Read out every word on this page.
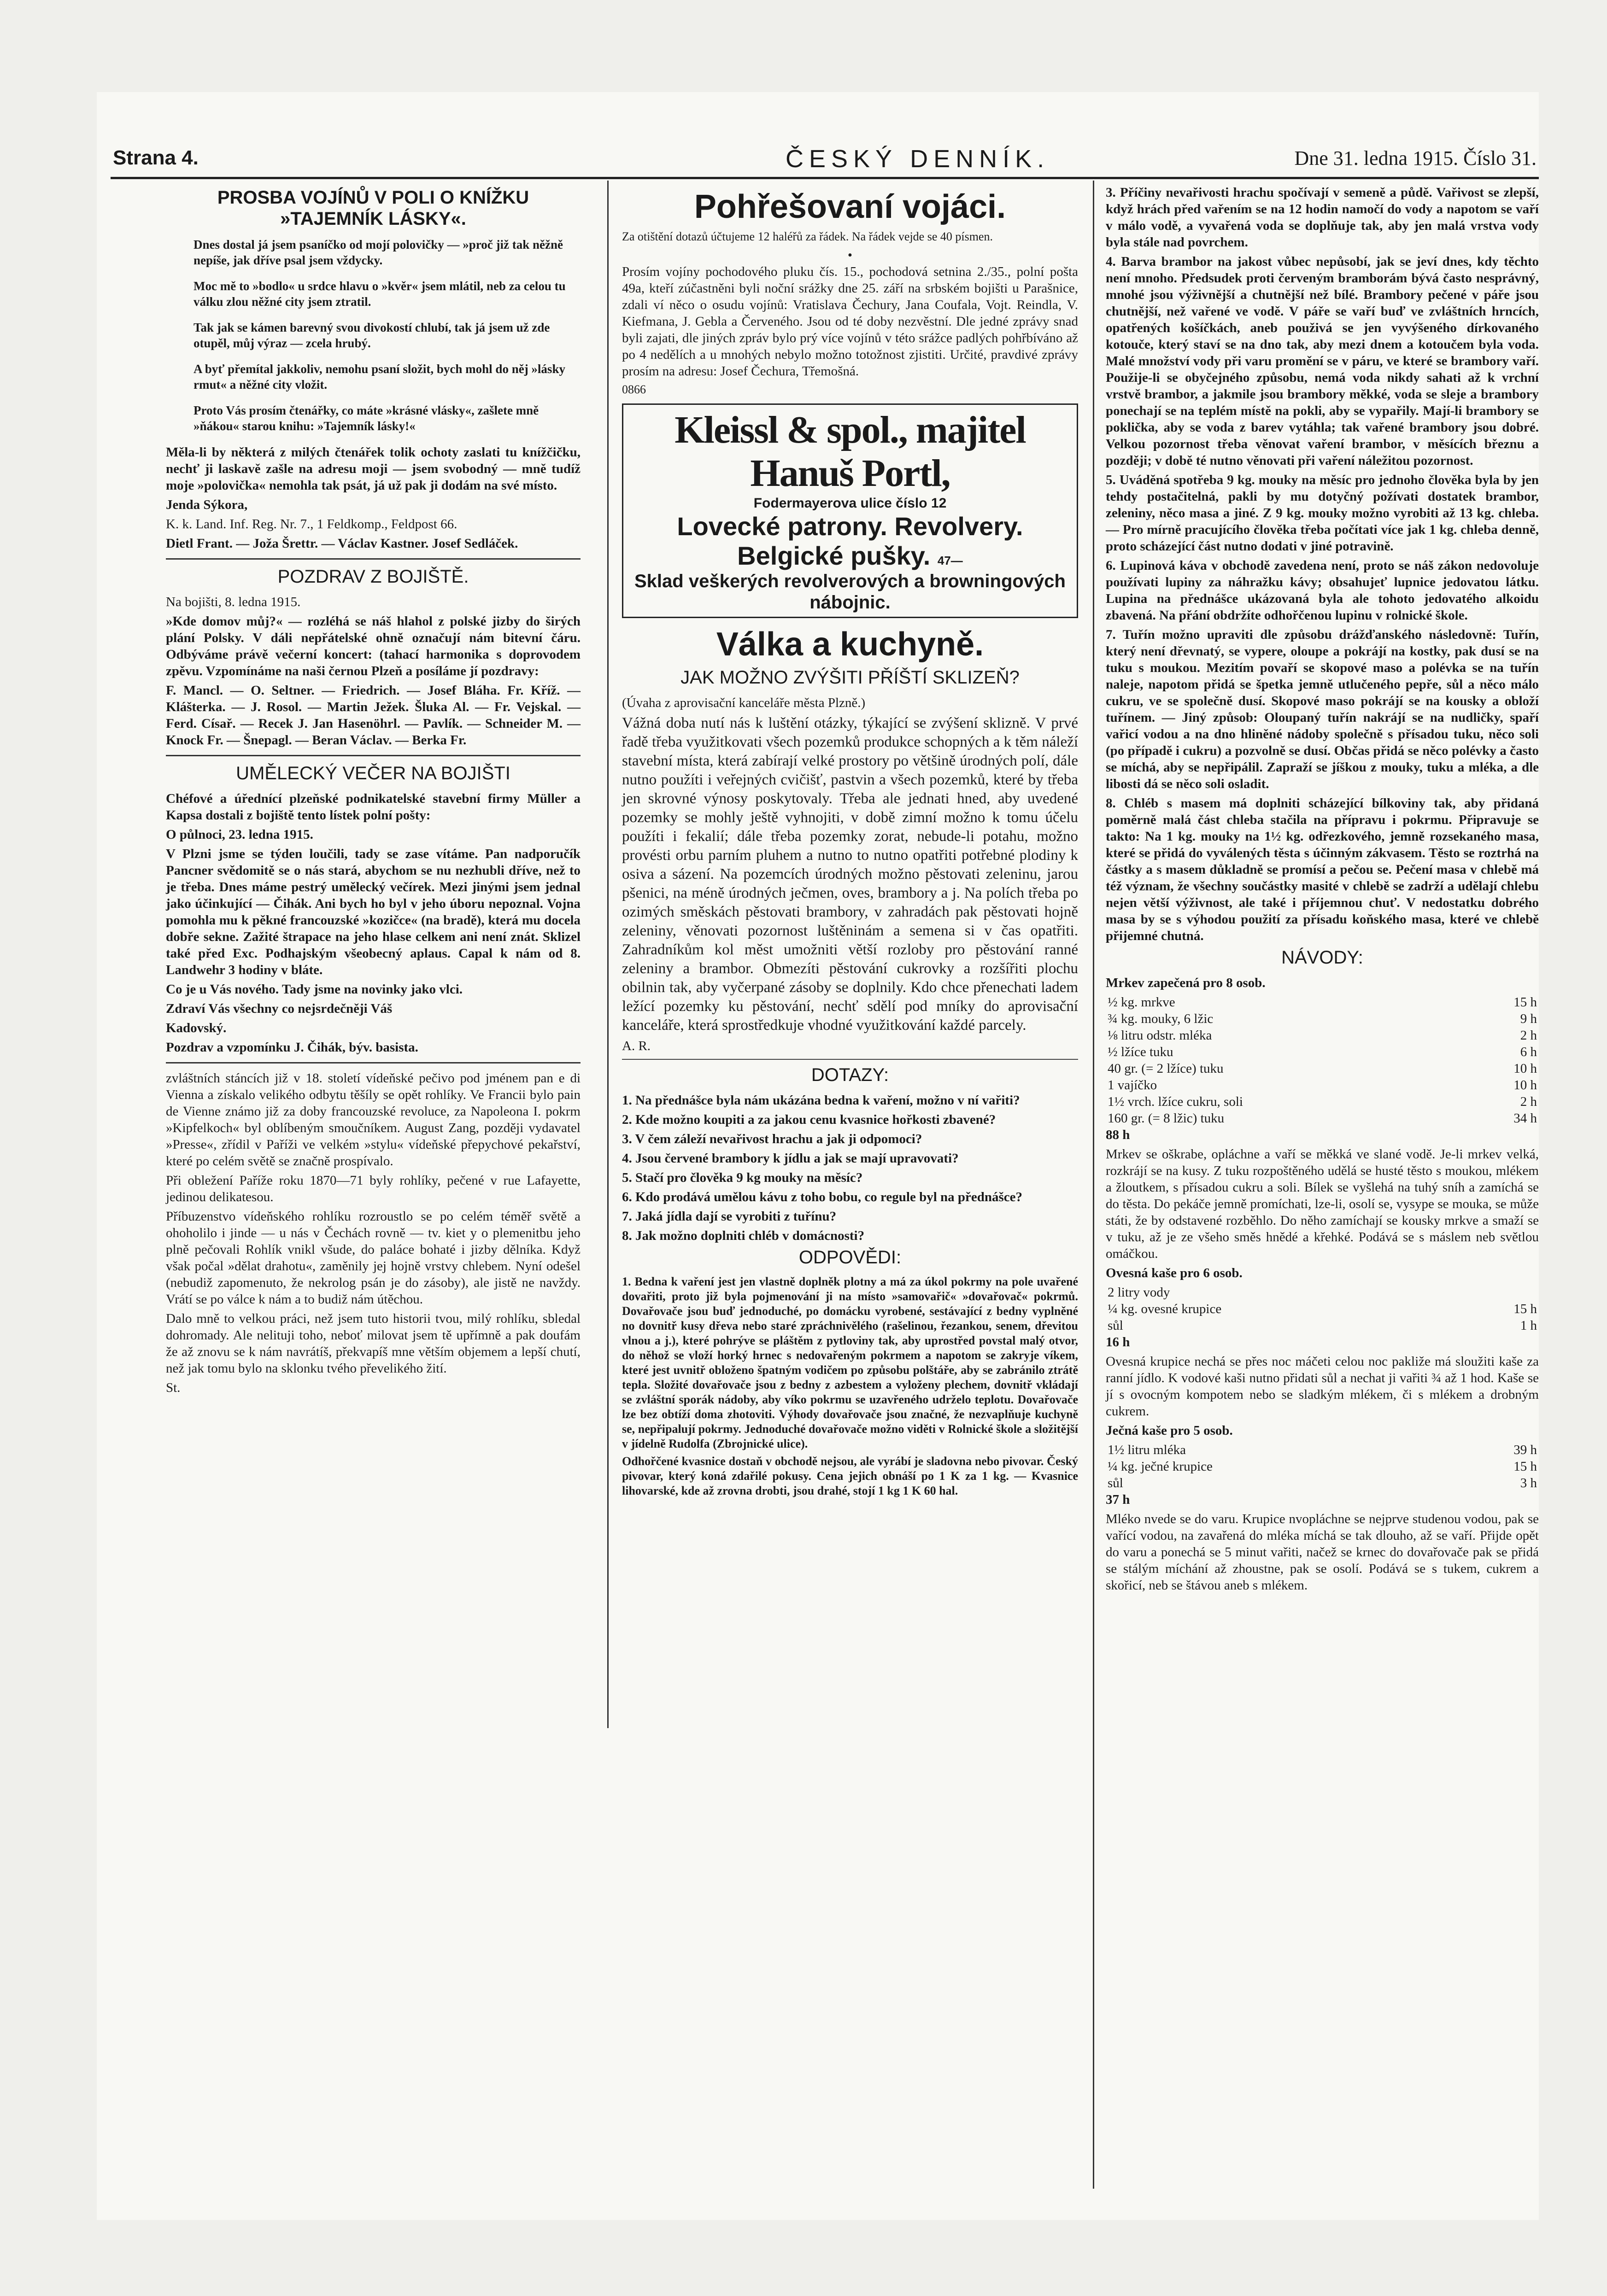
Strana 4.	ČESKÝ DENNÍK.	Dne 31. ledna 1915. Číslo 31.
PROSBA VOJÍNŮ V POLI O KNÍŽKU »TAJEMNÍK LÁSKY«.
Dnes dostal já jsem psaníčko od mojí polovičky — »proč již tak něžně nepíše, jak dříve psal jsem vždycky.
Moc mě to »bodlo« u srdce hlavu o »kvěr« jsem mlátil, neb za celou tu válku zlou něžné city jsem ztratil.
Tak jak se kámen barevný svou divokostí chlubí, tak já jsem už zde otupěl, můj výraz — zcela hrubý.
A byť přemítal jakkoliv, nemohu psaní složit, bych mohl do něj »lásky rmut« a něžné city vložit.
Proto Vás prosím čtenářky, co máte »krásné vlásky«, zašlete mně »ňákou« starou knihu: »Tajemník lásky!«

Měla-li by některá z milých čtenářek tolik ochoty zaslati tu knížčičku, nechť ji laskavě zašle na adresu moji — jsem svobodný — mně tudíž moje »polovička« nemohla tak psát, já už pak ji dodám na své místo.

Jenda Sýkora,

K. k. Land. Inf. Reg. Nr. 7., 1 Feldkomp., Feldpost 66.

Dietl Frant. — Joža Šrettr. — Václav Kastner. Josef Sedláček.

POZDRAV Z BOJIŠTĚ.

Na bojišti, 8. ledna 1915.

»Kde domov můj?« — rozléhá se náš hlahol z polské jizby do širých plání Polsky. V dáli nepřátelské ohně označují nám bitevní čáru. Odbýváme právě večerní koncert: (tahací harmonika s doprovodem zpěvu. Vzpomínáme na naši černou Plzeň a posíláme jí pozdravy:

F. Mancl. — O. Seltner. — Friedrich. — Josef Bláha. Fr. Kříž. — Klášterka. — J. Rosol. — Martin Ježek. Šluka Al. — Fr. Vejskal. — Ferd. Císař. — Recek J. Jan Hasenöhrl. — Pavlík. — Schneider M. — Knock Fr. — Šnepagl. — Beran Václav. — Berka Fr.

UMĚLECKÝ VEČER NA BOJIŠTI

Chéfové a úřednící plzeňské podnikatelské stavební firmy Müller a Kapsa dostali z bojiště tento lístek polní pošty:

O půlnoci, 23. ledna 1915.

V Plzni jsme se týden loučili, tady se zase vítáme. Pan nadporučík Pancner svědomitě se o nás stará, abychom se nu nezhubli dříve, než to je třeba. Dnes máme pestrý umělecký večírek. Mezi jinými jsem jednal jako účinkující — Čihák. Ani bych ho byl v jeho úboru nepoznal. Vojna pomohla mu k pěkné francouzské »kozičce« (na bradě), která mu docela dobře sekne. Zažité štrapace na jeho hlase celkem ani není znát. Sklizel také před Exc. Podhajským všeobecný aplaus. Capal k nám od 8. Landwehr 3 hodiny v bláte.

Co je u Vás nového. Tady jsme na novinky jako vlci.

Zdraví Vás všechny co nejsrdečněji Váš

Kadovský.

Pozdrav a vzpomínku J. Čihák, býv. basista.

zvláštních stáncích již v 18. století vídeňské pečivo pod jménem pan e di Vienna a získalo velikého odbytu těšíly se opět rohlíky. Ve Francii bylo pain de Vienne známo již za doby francouzské revoluce, za Napoleona I. pokrm »Kipfelkoch« byl oblíbeným smoučníkem. August Zang, později vydavatel »Presse«, zřídil v Paříži ve velkém »stylu« vídeňské přepychové pekařství, které po celém světě se značně prospívalo.

Při obležení Paříže roku 1870—71 byly rohlíky, pečené v rue Lafayette, jedinou delikatesou.

Příbuzenstvo vídeňského rohlíku rozroustlo se po celém téměř světě a ohoholilo i jinde — u nás v Čechách rovně — tv. kiet y o plemenitbu jeho plně pečovali Rohlík vnikl všude, do paláce bohaté i jizby dělníka. Když však počal »dělat drahotu«, zaměnily jej hojně vrstvy chlebem. Nyní odešel (nebudiž zapomenuto, že nekrolog psán je do zásoby), ale jistě ne navždy. Vrátí se po válce k nám a to budiž nám útěchou.

Dalo mně to velkou práci, než jsem tuto historii tvou, milý rohlíku, sbledal dohromady. Ale nelituji toho, neboť milovat jsem tě upřímně a pak doufám že až znovu se k nám navrátíš, překvapíš mne větším objemem a lepší chutí, než jak tomu bylo na sklonku tvého převelikého žití.

St.

Pohřešovaní vojáci.

Za otištění dotazů účtujeme 12 haléřů za řádek. Na řádek vejde se 40 písmen.

•

Prosím vojíny pochodového pluku čís. 15., pochodová setnina 2./35., polní pošta 49a, kteří zúčastněni byli noční srážky dne 25. září na srbském bojišti u Parašnice, zdali ví něco o osudu vojínů: Vratislava Čechury, Jana Coufala, Vojt. Reindla, V. Kiefmana, J. Gebla a Červeného. Jsou od té doby nezvěstní. Dle jedné zprávy snad byli zajati, dle jiných zpráv bylo prý více vojínů v této srážce padlých pohřbíváno až po 4 nedělích a u mnohých nebylo možno totožnost zjistiti. Určité, pravdivé zprávy prosím na adresu: Josef Čechura, Třemošná.

0866

Kleissl & spol., majitel Hanuš Portl,
Fodermayerova ulice číslo 12
Lovecké patrony. Revolvery.
Belgické pušky. 47—
Sklad veškerých revolverových a browningových nábojnic.
Válka a kuchyně.
JAK MOŽNO ZVÝŠITI PŘÍŠTÍ SKLIZEŇ?

(Úvaha z aprovisační kanceláře města Plzně.)

Vážná doba nutí nás k luštění otázky, týkající se zvýšení sklizně. V prvé řadě třeba využitkovati všech pozemků produkce schopných a k těm náleží stavební místa, která zabírají velké prostory po většině úrodných polí, dále nutno použíti i veřejných cvičišť, pastvin a všech pozemků, které by třeba jen skrovné výnosy poskytovaly. Třeba ale jednati hned, aby uvedené pozemky se mohly ještě vyhnojiti, v době zimní možno k tomu účelu použíti i fekalií; dále třeba pozemky zorat, nebude-li potahu, možno provésti orbu parním pluhem a nutno to nutno opatřiti potřebné plodiny k osiva a sázení. Na pozemcích úrodných možno pěstovati zeleninu, jarou pšenici, na méně úrodných ječmen, oves, brambory a j. Na polích třeba po ozimých směskách pěstovati brambory, v zahradách pak pěstovati hojně zeleniny, věnovati pozornost luštěninám a semena si v čas opatřiti. Zahradníkům kol měst umožniti větší rozloby pro pěstování ranné zeleniny a brambor. Obmezíti pěstování cukrovky a rozšířiti plochu obilnin tak, aby vyčerpané zásoby se doplnily. Kdo chce přenechati ladem ležící pozemky ku pěstování, nechť sdělí pod mníky do aprovisační kanceláře, která sprostředkuje vhodné využitkování každé parcely.

A. R.

DOTAZY:

1. Na přednášce byla nám ukázána bedna k vaření, možno v ní vařiti?

2. Kde možno koupiti a za jakou cenu kvasnice hořkosti zbavené?

3. V čem záleží nevařivost hrachu a jak ji odpomoci?

4. Jsou červené brambory k jídlu a jak se mají upravovati?

5. Stačí pro člověka 9 kg mouky na měsíc?

6. Kdo prodává umělou kávu z toho bobu, co regule byl na přednášce?

7. Jaká jídla dají se vyrobiti z tuřínu?

8. Jak možno doplniti chléb v domácnosti?

ODPOVĚDI:

1. Bedna k vaření jest jen vlastně doplněk plotny a má za úkol pokrmy na pole uvařené dovařiti, proto již byla pojmenování ji na místo »samovařič« »dovařovač« pokrmů. Dovařovače jsou buď jednoduché, po domácku vyrobené, sestávající z bedny vyplněné no dovnitř kusy dřeva nebo staré zpráchnivělého (rašelinou, řezankou, senem, dřevitou vlnou a j.), které pohrýve se pláštěm z pytloviny tak, aby uprostřed povstal malý otvor, do něhož se vloží horký hrnec s nedovařeným pokrmem a napotom se zakryje víkem, které jest uvnitř obloženo špatným vodičem po způsobu polštáře, aby se zabránilo ztrátě tepla. Složité dovařovače jsou z bedny z azbestem a vyloženy plechem, dovnitř vkládají se zvláštní sporák nádoby, aby víko pokrmu se uzavřeného udrželo teplotu. Dovařovače lze bez obtíží doma zhotoviti. Výhody dovařovače jsou značné, že nezvaplňuje kuchyně se, nepřipalují pokrmy. Jednoduché dovařovače možno viděti v Rolnické škole a složitější v jídelně Rudolfa (Zbrojnické ulice).

Odhořčené kvasnice dostaň v obchodě nejsou, ale vyrábí je sladovna nebo pivovar. Český pivovar, který koná zdařilé pokusy. Cena jejich obnáší po 1 K za 1 kg. — Kvasnice lihovarské, kde až zrovna drobti, jsou drahé, stojí 1 kg 1 K 60 hal.

3. Příčiny nevařivosti hrachu spočívají v semeně a půdě. Vařivost se zlepší, když hrách před vařením se na 12 hodin namočí do vody a napotom se vaří v málo vodě, a vyvařená voda se doplňuje tak, aby jen malá vrstva vody byla stále nad povrchem.

4. Barva brambor na jakost vůbec nepůsobí, jak se jeví dnes, kdy těchto není mnoho. Předsudek proti červeným bramborám bývá často nesprávný, mnohé jsou výživnější a chutnější než bílé. Brambory pečené v páře jsou chutnější, než vařené ve vodě. V páře se vaří buď ve zvláštních hrncích, opatřených košíčkách, aneb použivá se jen vyvýšeného dírkovaného kotouče, který staví se na dno tak, aby mezi dnem a kotoučem byla voda. Malé množství vody při varu promění se v páru, ve které se brambory vaří. Použije-li se obyčejného způsobu, nemá voda nikdy sahati až k vrchní vrstvě brambor, a jakmile jsou brambory měkké, voda se sleje a brambory ponechají se na teplém místě na pokli, aby se vypařily. Mají-li brambory se poklička, aby se voda z barev vytáhla; tak vařené brambory jsou dobré. Velkou pozornost třeba věnovat vaření brambor, v měsících březnu a později; v době té nutno věnovati při vaření náležitou pozornost.

5. Uváděná spotřeba 9 kg. mouky na měsíc pro jednoho člověka byla by jen tehdy postačitelná, pakli by mu dotyčný požívati dostatek brambor, zeleniny, něco masa a jiné. Z 9 kg. mouky možno vyrobiti až 13 kg. chleba. — Pro mírně pracujícího člověka třeba počítati více jak 1 kg. chleba denně, proto scházející část nutno dodati v jiné potravině.

6. Lupinová káva v obchodě zavedena není, proto se náš zákon nedovoluje používati lupiny za náhražku kávy; obsahujeť lupnice jedovatou látku. Lupina na přednášce ukázovaná byla ale tohoto jedovatého alkoidu zbavená. Na přání obdržíte odhořčenou lupinu v rolnické škole.

7. Tuřín možno upraviti dle způsobu drážďanského následovně: Tuřín, který není dřevnatý, se vypere, oloupe a pokrájí na kostky, pak dusí se na tuku s moukou. Mezitím povaří se skopové maso a polévka se na tuřín naleje, napotom přidá se špetka jemně utlučeného pepře, sůl a něco málo cukru, ve se společně dusí. Skopové maso pokrájí se na kousky a obloží tuřínem. — Jiný způsob: Oloupaný tuřín nakrájí se na nudličky, spaří vařicí vodou a na dno hliněné nádoby společně s přísadou tuku, něco soli (po případě i cukru) a pozvolně se dusí. Občas přidá se něco polévky a často se míchá, aby se nepřipálil. Zapraží se jíškou z mouky, tuku a mléka, a dle libosti dá se něco soli osladit.

8. Chléb s masem má doplniti scházející bílkoviny tak, aby přidaná poměrně malá část chleba stačila na přípravu i pokrmu. Připravuje se takto: Na 1 kg. mouky na 1½ kg. odřezkového, jemně rozsekaného masa, které se přidá do vyválených těsta s účinným zákvasem. Těsto se roztrhá na částky a s masem důkladně se promísí a pečou se. Pečení masa v chlebě má též význam, že všechny součástky masité v chlebě se zadrží a udělají chlebu nejen větší výživnost, ale také i příjemnou chuť. V nedostatku dobrého masa by se s výhodou použití za přísadu koňského masa, které ve chlebě přijemné chutná.

NÁVODY:

Mrkev zapečená pro 8 osob.

½ kg. mrkve	15 h
¾ kg. mouky, 6 lžic	9 h
⅛ litru odstr. mléka	2 h
½ lžíce tuku	6 h
40 gr. (= 2 lžíce) tuku	10 h
1 vajíčko	10 h
1½ vrch. lžíce cukru, soli	2 h
160 gr. (= 8 lžic) tuku	34 h

88 h

Mrkev se oškrabe, opláchne a vaří se měkká ve slané vodě. Je-li mrkev velká, rozkrájí se na kusy. Z tuku rozpoštěného udělá se husté těsto s moukou, mlékem a žloutkem, s přísadou cukru a soli. Bílek se vyšlehá na tuhý sníh a zamíchá se do těsta. Do pekáče jemně promíchati, lze-li, osolí se, vysype se mouka, se může státi, že by odstavené rozběhlo. Do něho zamíchají se kousky mrkve a smaží se v tuku, až je ze všeho směs hnědé a křehké. Podává se s máslem neb světlou omáčkou.

Ovesná kaše pro 6 osob.

2 litry vody	
¼ kg. ovesné krupice	15 h
sůl	1 h

16 h

Ovesná krupice nechá se přes noc máčeti celou noc pakliže má sloužiti kaše za ranní jídlo. K vodové kaši nutno přidati sůl a nechat ji vařiti ¾ až 1 hod. Kaše se jí s ovocným kompotem nebo se sladkým mlékem, či s mlékem a drobným cukrem.

Ječná kaše pro 5 osob.

1½ litru mléka	39 h
¼ kg. ječné krupice	15 h
sůl	3 h

37 h

Mléko nvede se do varu. Krupice nvopláchne se nejprve studenou vodou, pak se vařící vodou, na zavařená do mléka míchá se tak dlouho, až se vaří. Přijde opět do varu a ponechá se 5 minut vařiti, načež se krnec do dovařovače pak se přidá se stálým míchání až zhoustne, pak se osolí. Podává se s tukem, cukrem a skořicí, neb se štávou aneb s mlékem.
